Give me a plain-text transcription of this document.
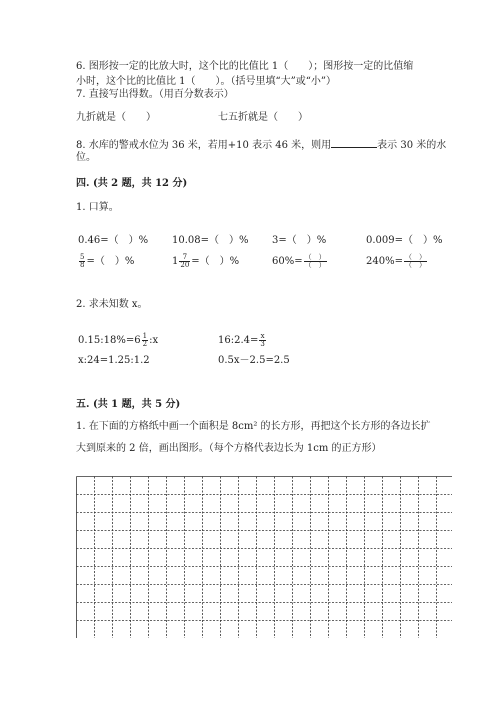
6. 图形按一定的比放大时，这个比的比值比 1（　　）；图形按一定的比值缩
小时，这个比的比值比 1（　　）。（括号里填“大”或“小”）
7. 直接写出得数。（用百分数表示）
九折就是（　　）	七五折就是（　　）
8. 水库的警戒水位为 36 米，若用+10 表示 46 米，则用	表示 30 米的水
位。
四. (共 2 题，共 12 分)
1. 口算。
0.46=（　）% 10.08=（　）% 3=（　）%	0.009=（　）%
$\frac{5}{8}$ =（　）%	$1 \frac{7}{20}$ =（　）%	$60\%= \frac{( )}{( )}$	$240\%= \frac{( )}{( )}$
2. 求未知数 x。
0.15:18%=6 $\frac{1}{2}$ :x	16:2.4= $\frac{x}{3}$
x:24=1.25:1.2	0.5x－2.5=2.5
五. (共 1 题，共 5 分)
1. 在下面的方格纸中画一个面积是 8cm² 的长方形，再把这个长方形的各边长扩
大到原来的 2 倍，画出图形。（每个方格代表边长为 1cm 的正方形）
